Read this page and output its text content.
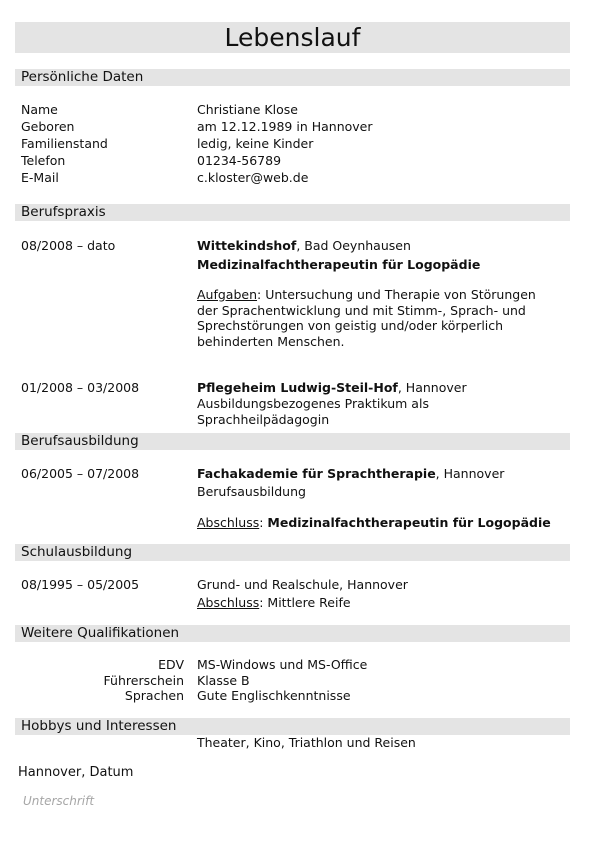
Lebenslauf
Persönliche Daten
Name	Christiane Klose
Geboren	am 12.12.1989 in Hannover
Familienstand	ledig, keine Kinder
Telefon	01234-56789
E-Mail	c.kloster@web.de
Berufspraxis
08/2008 – dato	Wittekindshof, Bad Oeynhausen
Medizinalfachtherapeutin für Logopädie
Aufgaben: Untersuchung und Therapie von Störungen der Sprachentwicklung und mit Stimm-, Sprach- und Sprechstörungen von geistig und/oder körperlich behinderten Menschen.
01/2008 – 03/2008	Pflegeheim Ludwig-Steil-Hof, Hannover
Ausbildungsbezogenes Praktikum als Sprachheilpädagogin
Berufsausbildung
06/2005 – 07/2008	Fachakademie für Sprachtherapie, Hannover
Berufsausbildung
Abschluss: Medizinalfachtherapeutin für Logopädie
Schulausbildung
08/1995 – 05/2005	Grund- und Realschule, Hannover
Abschluss: Mittlere Reife
Weitere Qualifikationen
EDV	MS-Windows und MS-Office
Führerschein	Klasse B
Sprachen	Gute Englischkenntnisse
Hobbys und Interessen
Theater, Kino, Triathlon und Reisen
Hannover, Datum
Unterschrift
